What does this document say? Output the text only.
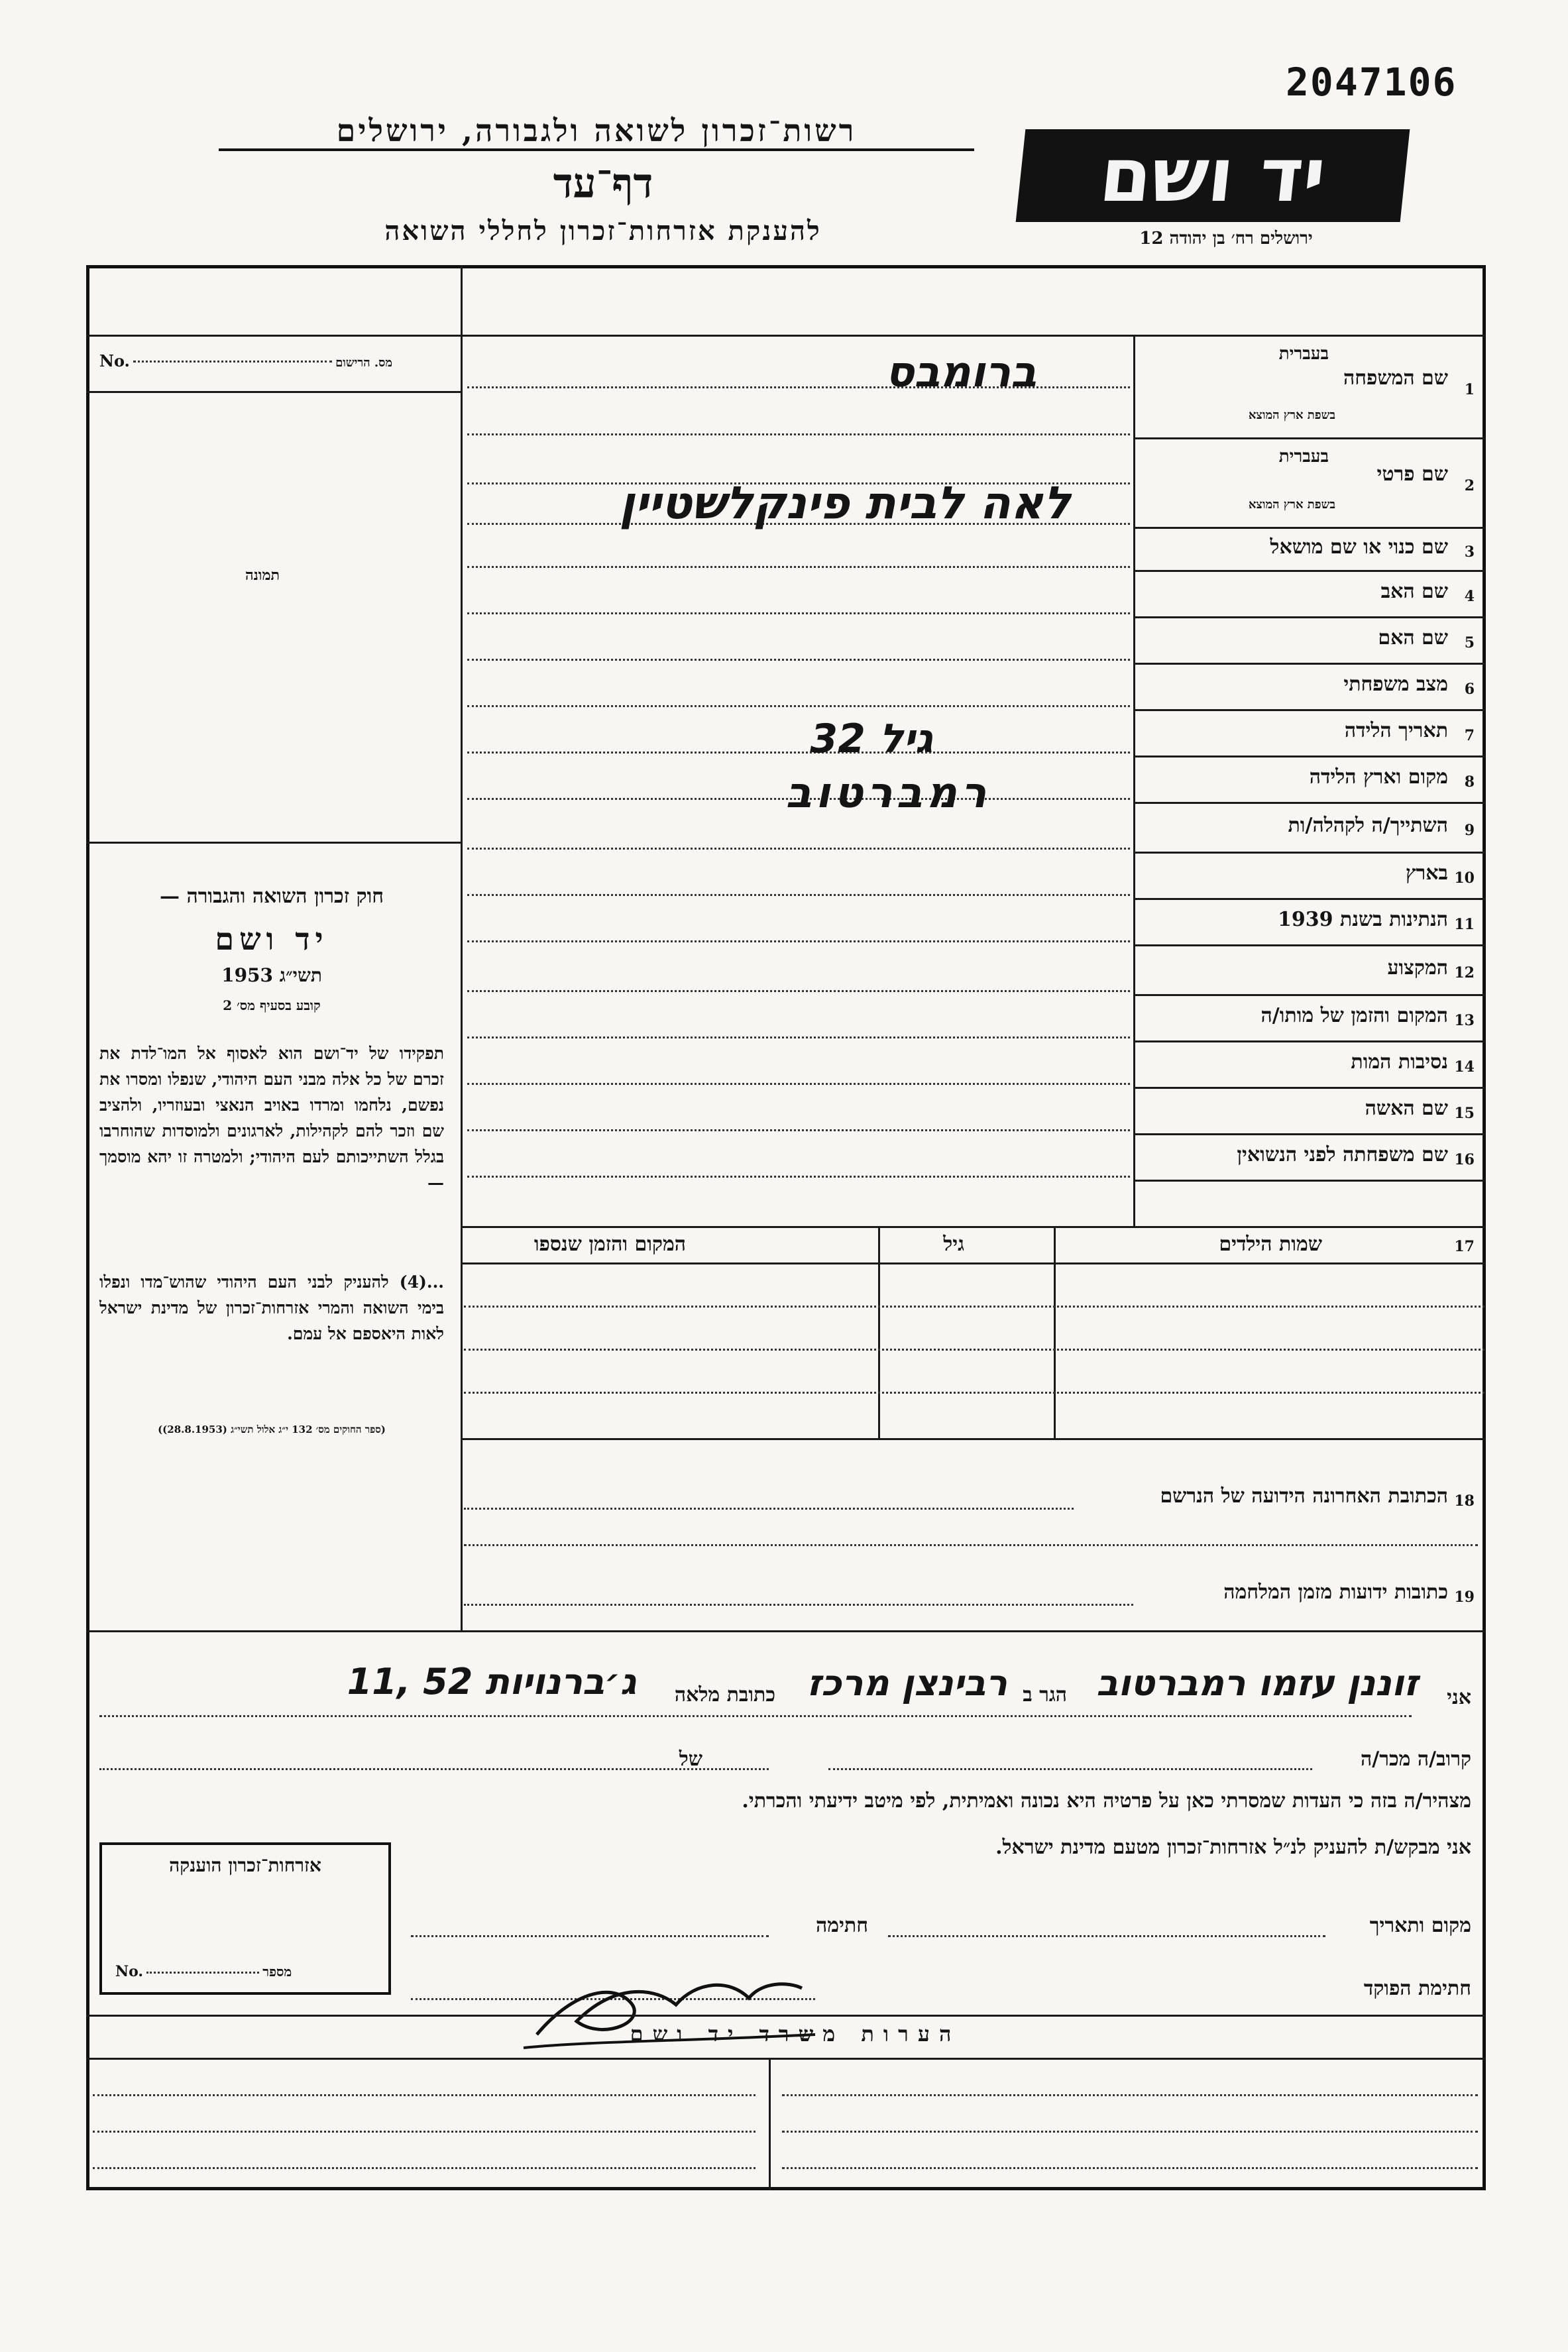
2047106
רשות־זכרון לשואה ולגבורה, ירושלים
דף־עד
להענקת אזרחות־זכרון לחללי השואה
יד ושם
ירושלים רח׳ בן יהודה 12
No.	מס. הרישום
תמונה
חוק זכרון השואה והגבורה —
יד ושם
תשי״ג 1953
קובע בסעיף מס׳ 2
תפקידו של יד־ושם הוא לאסוף אל המו־לדת את זכרם של כל אלה מבני העם היהודי, שנפלו ומסרו את נפשם, נלחמו ומרדו באויב הנאצי ובעוזריו, ולהציב שם וזכר להם לקהילות, לארגונים ולמוסדות שהוחרבו בגלל השתייכותם לעם היהודי; ולמטרה זו יהא מוסמך —
...(4) להעניק לבני העם היהודי שהוש־מדו ונפלו בימי השואה והמרי אזרחות־זכרון של מדינת ישראל לאות היאספם אל עמם.
(ספר החוקים מס׳ 132 י״ג אלול תשי״ג (28.8.1953))
1
שם המשפחה
בעברית
בשפת ארץ המוצא
2
שם פרטי
בעברית
בשפת ארץ המוצא
3
שם כנוי או שם מושאל
4
שם האב
5
שם האם
6
מצב משפחתי
7
תאריך הלידה
8
מקום וארץ הלידה
9
השתייך/ה לקהלה/ות
10
בארץ
11
הנתינות בשנת 1939
12
המקצוע
13
המקום והזמן של מותו/ה
14
נסיבות המות
15
שם האשה
16
שם משפחתה לפני הנשואין
ברומבס
לאה לבית פינקלשטיין
גיל 32
רמברטוב
17
שמות הילדים
גיל
המקום והזמן שנספו
18
הכתובת האחרונה הידועה של הנרשם
19
כתובות ידועות מזמן המלחמה
אני
זוננן עזמו רמברטוב
הגר ב
רבינצן מרכז
כתובת מלאה
ג׳ברנויות 52 ,11
קרוב/ה מכר/ה
של
מצהיר/ה בזה כי העדות שמסרתי כאן על פרטיה היא נכונה ואמיתית, לפי מיטב ידיעתי והכרתי.
אני מבקש/ת להעניק לנ״ל אזרחות־זכרון מטעם מדינת ישראל.
אזרחות־זכרון הוענקה
No.	מספר
מקום ותאריך
חתימה
חתימת הפוקד
הערות משרד יד ושם
